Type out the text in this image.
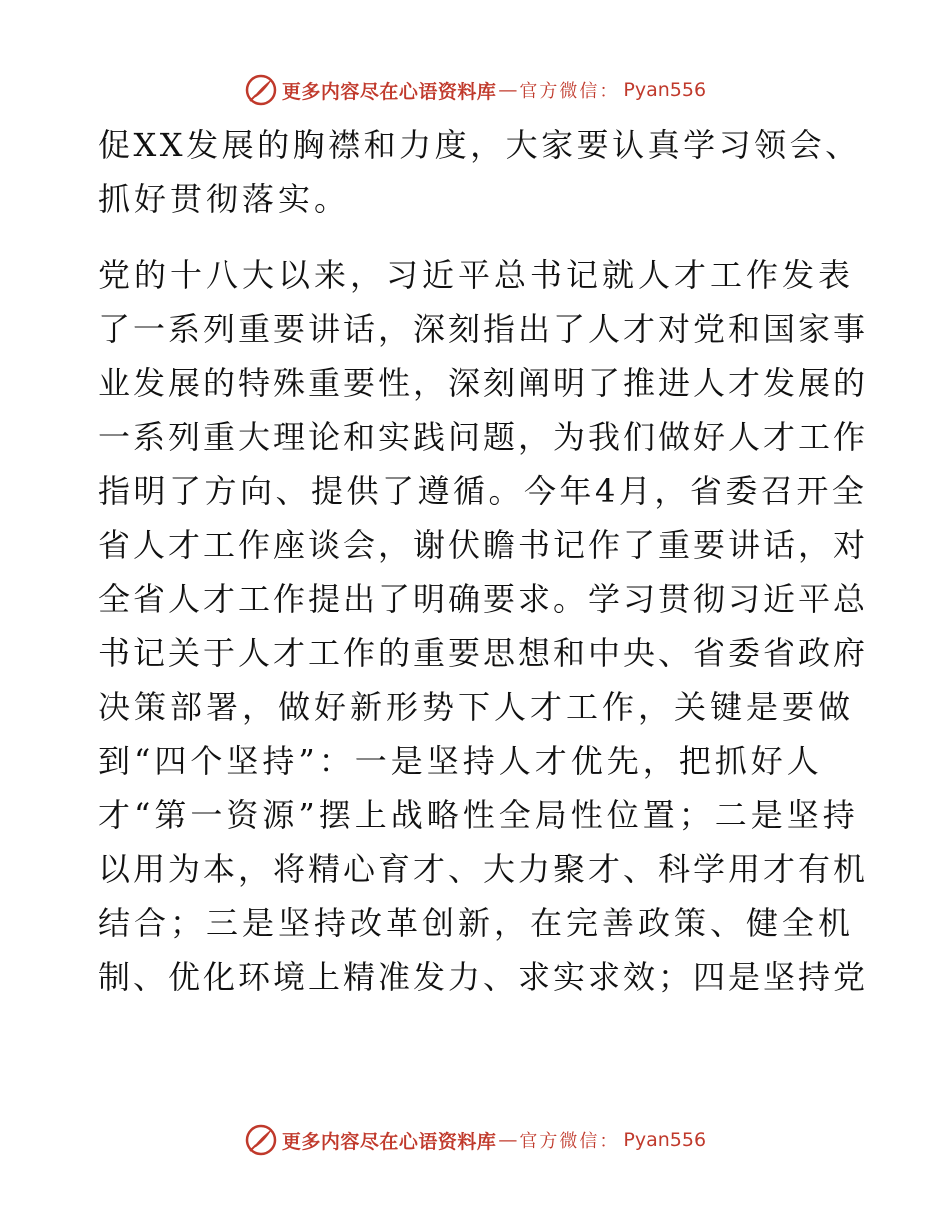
更多内容尽在心语资料库 — 官方微信： Pyan556
促XX发展的胸襟和力度，大家要认真学习领会、
抓好贯彻落实。
党的十八大以来，习近平总书记就人才工作发表
了一系列重要讲话，深刻指出了人才对党和国家事
业发展的特殊重要性，深刻阐明了推进人才发展的
一系列重大理论和实践问题，为我们做好人才工作
指明了方向、提供了遵循。今年4月，省委召开全
省人才工作座谈会，谢伏瞻书记作了重要讲话，对
全省人才工作提出了明确要求。学习贯彻习近平总
书记关于人才工作的重要思想和中央、省委省政府
决策部署，做好新形势下人才工作，关键是要做
到“四个坚持”：一是坚持人才优先，把抓好人
才“第一资源”摆上战略性全局性位置；二是坚持
以用为本，将精心育才、大力聚才、科学用才有机
结合；三是坚持改革创新，在完善政策、健全机
制、优化环境上精准发力、求实求效；四是坚持党
更多内容尽在心语资料库 — 官方微信： Pyan556
